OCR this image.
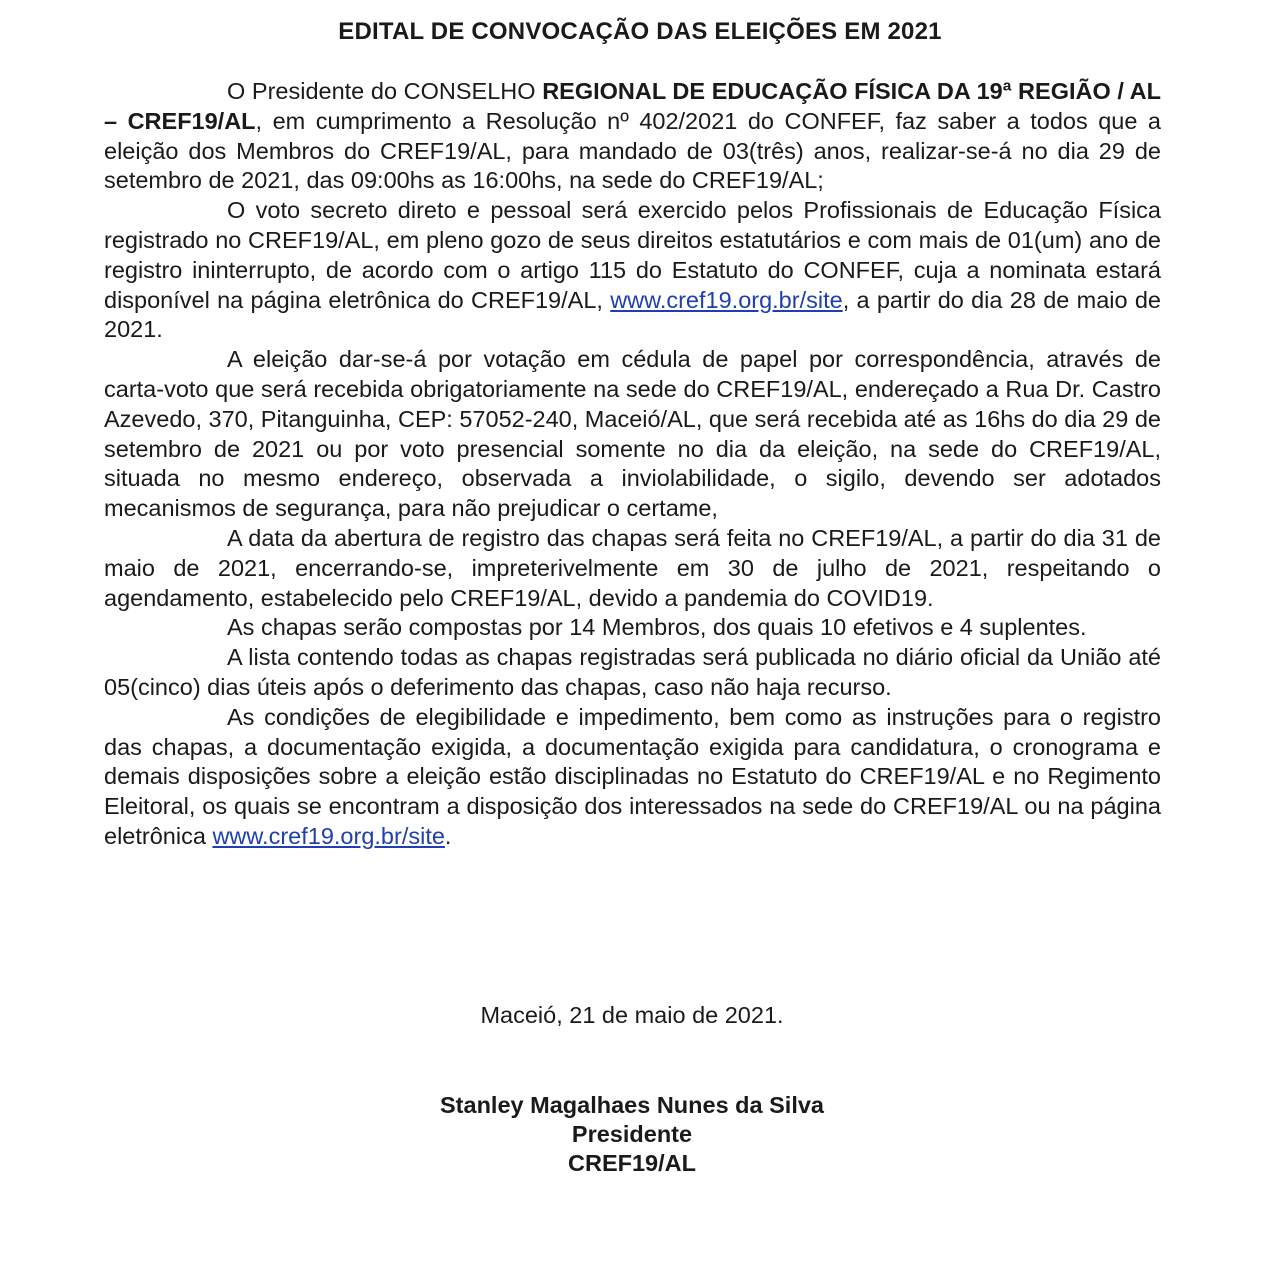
EDITAL DE CONVOCAÇÃO DAS ELEIÇÕES EM 2021

O Presidente do CONSELHO REGIONAL DE EDUCAÇÃO FÍSICA DA 19ª REGIÃO / AL – CREF19/AL, em cumprimento a Resolução nº 402/2021 do CONFEF, faz saber a todos que a eleição dos Membros do CREF19/AL, para mandado de 03(três) anos, realizar-se-á no dia 29 de setembro de 2021, das 09:00hs as 16:00hs, na sede do CREF19/AL;

O voto secreto direto e pessoal será exercido pelos Profissionais de Educação Física registrado no CREF19/AL, em pleno gozo de seus direitos estatutários e com mais de 01(um) ano de registro ininterrupto, de acordo com o artigo 115 do Estatuto do CONFEF, cuja a nominata estará disponível na página eletrônica do CREF19/AL, www.cref19.org.br/site, a partir do dia 28 de maio de 2021.

A eleição dar-se-á por votação em cédula de papel por correspondência, através de carta-voto que será recebida obrigatoriamente na sede do CREF19/AL, endereçado a Rua Dr. Castro Azevedo, 370, Pitanguinha, CEP: 57052-240, Maceió/AL, que será recebida até as 16hs do dia 29 de setembro de 2021 ou por voto presencial somente no dia da eleição, na sede do CREF19/AL, situada no mesmo endereço, observada a inviolabilidade, o sigilo, devendo ser adotados mecanismos de segurança, para não prejudicar o certame,

A data da abertura de registro das chapas será feita no CREF19/AL, a partir do dia 31 de maio de 2021, encerrando-se, impreterivelmente em 30 de julho de 2021, respeitando o agendamento, estabelecido pelo CREF19/AL, devido a pandemia do COVID19.

As chapas serão compostas por 14 Membros, dos quais 10 efetivos e 4 suplentes.

A lista contendo todas as chapas registradas será publicada no diário oficial da União até 05(cinco) dias úteis após o deferimento das chapas, caso não haja recurso.

As condições de elegibilidade e impedimento, bem como as instruções para o registro das chapas, a documentação exigida, a documentação exigida para candidatura, o cronograma e demais disposições sobre a eleição estão disciplinadas no Estatuto do CREF19/AL e no Regimento Eleitoral, os quais se encontram a disposição dos interessados na sede do CREF19/AL ou na página eletrônica www.cref19.org.br/site.

Maceió, 21 de maio de 2021.
Stanley Magalhaes Nunes da Silva
Presidente
CREF19/AL
